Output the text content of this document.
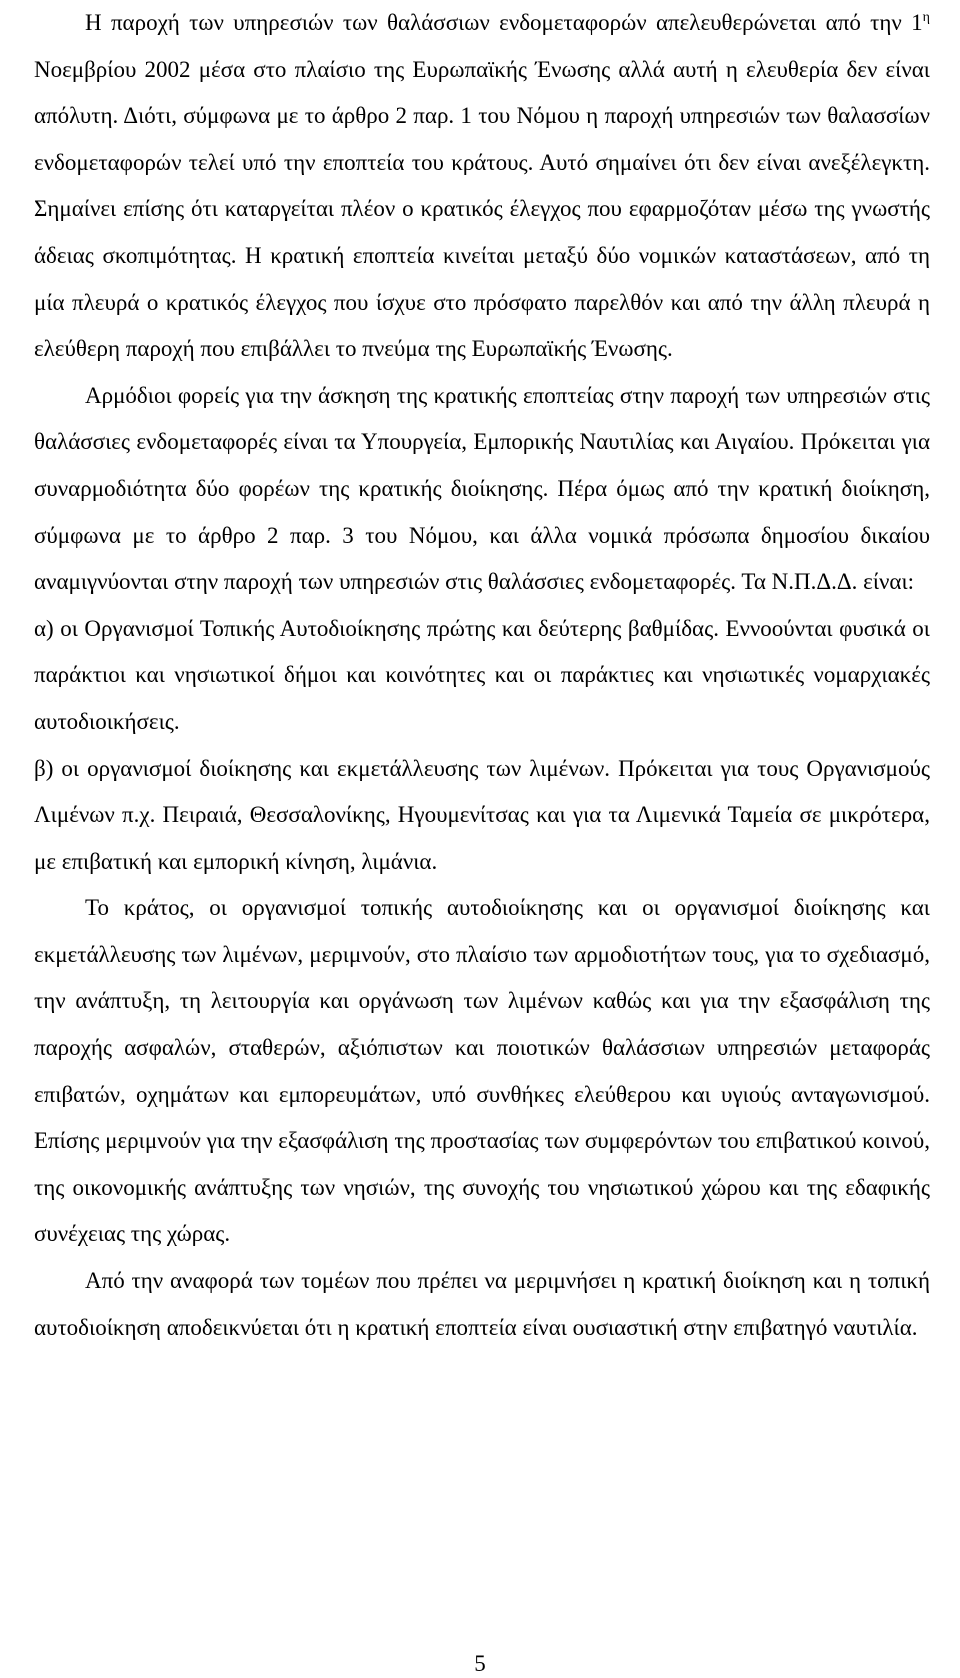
Η παροχή των υπηρεσιών των θαλάσσιων ενδομεταφορών απελευθερώνεται από την $1^\eta$ Νοεμβρίου 2002 μέσα στο πλαίσιο της Ευρωπαϊκής Ένωσης αλλά αυτή η ελευθερία δεν είναι απόλυτη. Διότι, σύμφωνα με το άρθρο 2 παρ. 1 του Νόμου η παροχή υπηρεσιών των θαλασσίων ενδομεταφορών τελεί υπό την εποπτεία του κράτους. Αυτό σημαίνει ότι δεν είναι ανεξέλεγκτη. Σημαίνει επίσης ότι καταργείται πλέον ο κρατικός έλεγχος που εφαρμοζόταν μέσω της γνωστής άδειας σκοπιμότητας. Η κρατική εποπτεία κινείται μεταξύ δύο νομικών καταστάσεων, από τη μία πλευρά ο κρατικός έλεγχος που ίσχυε στο πρόσφατο παρελθόν και από την άλλη πλευρά η ελεύθερη παροχή που επιβάλλει το πνεύμα της Ευρωπαϊκής Ένωσης.

Αρμόδιοι φορείς για την άσκηση της κρατικής εποπτείας στην παροχή των υπηρεσιών στις θαλάσσιες ενδομεταφορές είναι τα Υπουργεία, Εμπορικής Ναυτιλίας και Αιγαίου. Πρόκειται για συναρμοδιότητα δύο φορέων της κρατικής διοίκησης. Πέρα όμως από την κρατική διοίκηση, σύμφωνα με το άρθρο 2 παρ. 3 του Νόμου, και άλλα νομικά πρόσωπα δημοσίου δικαίου αναμιγνύονται στην παροχή των υπηρεσιών στις θαλάσσιες ενδομεταφορές. Τα Ν.Π.Δ.Δ. είναι:

α) οι Οργανισμοί Τοπικής Αυτοδιοίκησης πρώτης και δεύτερης βαθμίδας. Εννοούνται φυσικά οι παράκτιοι και νησιωτικοί δήμοι και κοινότητες και οι παράκτιες και νησιωτικές νομαρχιακές αυτοδιοικήσεις.

β) οι οργανισμοί διοίκησης και εκμετάλλευσης των λιμένων. Πρόκειται για τους Οργανισμούς Λιμένων π.χ. Πειραιά, Θεσσαλονίκης, Ηγουμενίτσας και για τα Λιμενικά Ταμεία σε μικρότερα, με επιβατική και εμπορική κίνηση, λιμάνια.

Το κράτος, οι οργανισμοί τοπικής αυτοδιοίκησης και οι οργανισμοί διοίκησης και εκμετάλλευσης των λιμένων, μεριμνούν, στο πλαίσιο των αρμοδιοτήτων τους, για το σχεδιασμό, την ανάπτυξη, τη λειτουργία και οργάνωση των λιμένων καθώς και για την εξασφάλιση της παροχής ασφαλών, σταθερών, αξιόπιστων και ποιοτικών θαλάσσιων υπηρεσιών μεταφοράς επιβατών, οχημάτων και εμπορευμάτων, υπό συνθήκες ελεύθερου και υγιούς ανταγωνισμού. Επίσης μεριμνούν για την εξασφάλιση της προστασίας των συμφερόντων του επιβατικού κοινού, της οικονομικής ανάπτυξης των νησιών, της συνοχής του νησιωτικού χώρου και της εδαφικής συνέχειας της χώρας.

Από την αναφορά των τομέων που πρέπει να μεριμνήσει η κρατική διοίκηση και η τοπική αυτοδιοίκηση αποδεικνύεται ότι η κρατική εποπτεία είναι ουσιαστική στην επιβατηγό ναυτιλία.

5
